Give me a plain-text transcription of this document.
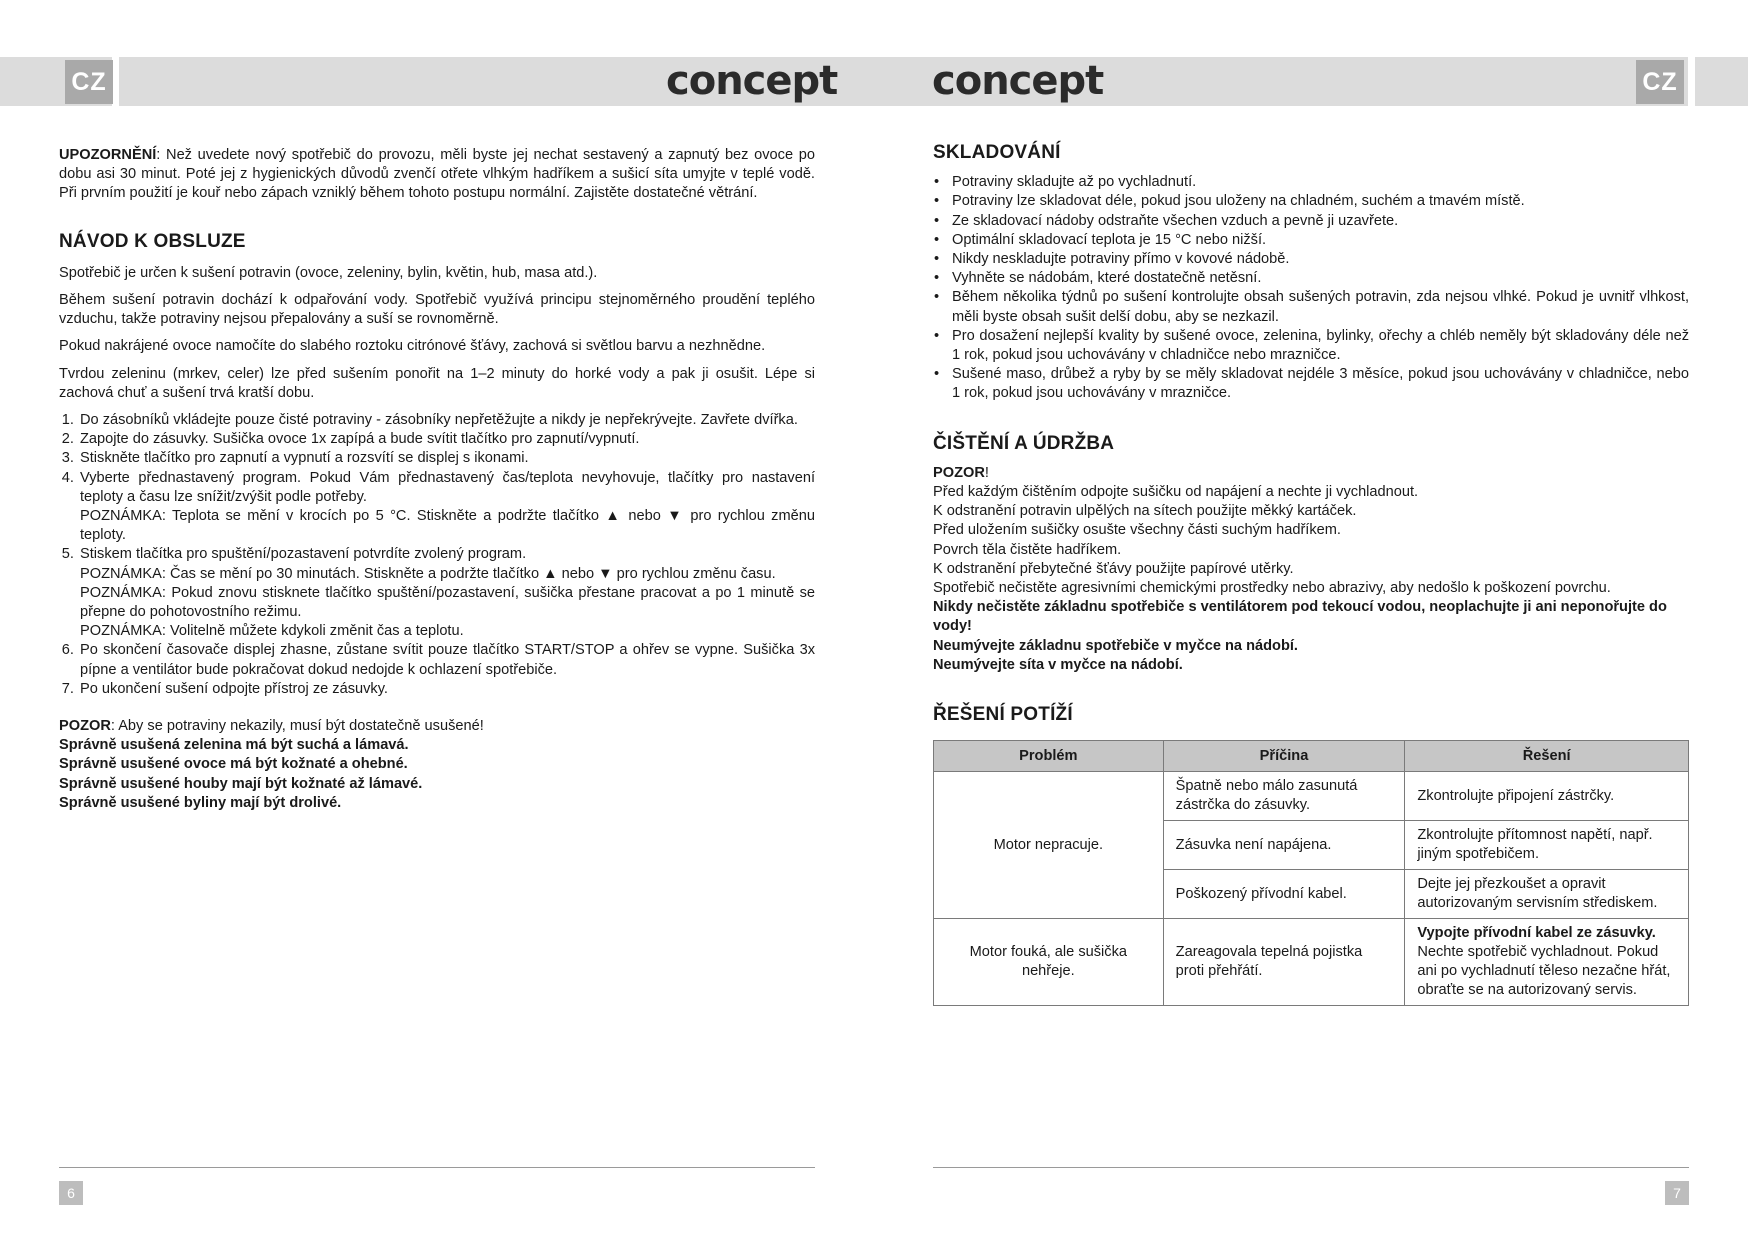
CZ	CZ
concept concept

UPOZORNĚNÍ: Než uvedete nový spotřebič do provozu, měli byste jej nechat sestavený a zapnutý bez ovoce po dobu asi 30 minut. Poté jej z hygienických důvodů zvenčí otřete vlhkým hadříkem a sušicí síta umyjte v teplé vodě. Při prvním použití je kouř nebo zápach vzniklý během tohoto postupu normální. Zajistěte dostatečné větrání.

NÁVOD K OBSLUZE

Spotřebič je určen k sušení potravin (ovoce, zeleniny, bylin, květin, hub, masa atd.).

Během sušení potravin dochází k odpařování vody. Spotřebič využívá principu stejnoměrného proudění teplého vzduchu, takže potraviny nejsou přepalovány a suší se rovnoměrně.

Pokud nakrájené ovoce namočíte do slabého roztoku citrónové šťávy, zachová si světlou barvu a nezhnědne.

Tvrdou zeleninu (mrkev, celer) lze před sušením ponořit na 1–2 minuty do horké vody a pak ji osušit. Lépe si zachová chuť a sušení trvá kratší dobu.

1. Do zásobníků vkládejte pouze čisté potraviny - zásobníky nepřetěžujte a nikdy je nepřekrývejte. Zavřete dvířka.
2. Zapojte do zásuvky. Sušička ovoce 1x zapípá a bude svítit tlačítko pro zapnutí/vypnutí.
3. Stiskněte tlačítko pro zapnutí a vypnutí a rozsvítí se displej s ikonami.
4. Vyberte přednastavený program. Pokud Vám přednastavený čas/teplota nevyhovuje, tlačítky pro nastavení teploty a času lze snížit/zvýšit podle potřeby.
POZNÁMKA: Teplota se mění v krocích po 5 °C. Stiskněte a podržte tlačítko ▲ nebo ▼ pro rychlou změnu teploty.
5. Stiskem tlačítka pro spuštění/pozastavení potvrdíte zvolený program.
POZNÁMKA: Čas se mění po 30 minutách. Stiskněte a podržte tlačítko ▲ nebo ▼ pro rychlou změnu času.
POZNÁMKA: Pokud znovu stisknete tlačítko spuštění/pozastavení, sušička přestane pracovat a po 1 minutě se přepne do pohotovostního režimu.
POZNÁMKA: Volitelně můžete kdykoli změnit čas a teplotu.
6. Po skončení časovače displej zhasne, zůstane svítit pouze tlačítko START/STOP a ohřev se vypne. Sušička 3x pípne a ventilátor bude pokračovat dokud nedojde k ochlazení spotřebiče.
7. Po ukončení sušení odpojte přístroj ze zásuvky.
POZOR: Aby se potraviny nekazily, musí být dostatečně usušené!
Správně usušená zelenina má být suchá a lámavá.
Správně usušené ovoce má být kožnaté a ohebné.
Správně usušené houby mají být kožnaté až lámavé.
Správně usušené byliny mají být drolivé.
SKLADOVÁNÍ
• Potraviny skladujte až po vychladnutí.
• Potraviny lze skladovat déle, pokud jsou uloženy na chladném, suchém a tmavém místě.
• Ze skladovací nádoby odstraňte všechen vzduch a pevně ji uzavřete.
• Optimální skladovací teplota je 15 °C nebo nižší.
• Nikdy neskladujte potraviny přímo v kovové nádobě.
• Vyhněte se nádobám, které dostatečně netěsní.
• Během několika týdnů po sušení kontrolujte obsah sušených potravin, zda nejsou vlhké. Pokud je uvnitř vlhkost, měli byste obsah sušit delší dobu, aby se nezkazil.
• Pro dosažení nejlepší kvality by sušené ovoce, zelenina, bylinky, ořechy a chléb neměly být skladovány déle než 1 rok, pokud jsou uchovávány v chladničce nebo mrazničce.
• Sušené maso, drůbež a ryby by se měly skladovat nejdéle 3 měsíce, pokud jsou uchovávány v chladničce, nebo 1 rok, pokud jsou uchovávány v mrazničce.
ČIŠTĚNÍ A ÚDRŽBA
POZOR!
Před každým čištěním odpojte sušičku od napájení a nechte ji vychladnout.
K odstranění potravin ulpělých na sítech použijte měkký kartáček.
Před uložením sušičky osušte všechny části suchým hadříkem.
Povrch těla čistěte hadříkem.
K odstranění přebytečné šťávy použijte papírové utěrky.
Spotřebič nečistěte agresivními chemickými prostředky nebo abrazivy, aby nedošlo k poškození povrchu.
Nikdy nečistěte základnu spotřebiče s ventilátorem pod tekoucí vodou, neoplachujte ji ani neponořujte do vody!
Neumývejte základnu spotřebiče v myčce na nádobí.
Neumývejte síta v myčce na nádobí.
ŘEŠENÍ POTÍŽÍ
Problém	Příčina	Řešení
Motor nepracuje.	Špatně nebo málo zasunutá zástrčka do zásuvky.	Zkontrolujte připojení zástrčky.
	Zásuvka není napájena.	Zkontrolujte přítomnost napětí, např. jiným spotřebičem.
	Poškozený přívodní kabel.	Dejte jej přezkoušet a opravit autorizovaným servisním střediskem.
Motor fouká, ale sušička nehřeje.	Zareagovala tepelná pojistka proti přehřátí.	Vypojte přívodní kabel ze zásuvky.
Nechte spotřebič vychladnout. Pokud ani po vychladnutí těleso nezačne hřát, obraťte se na autorizovaný servis.
6	7
